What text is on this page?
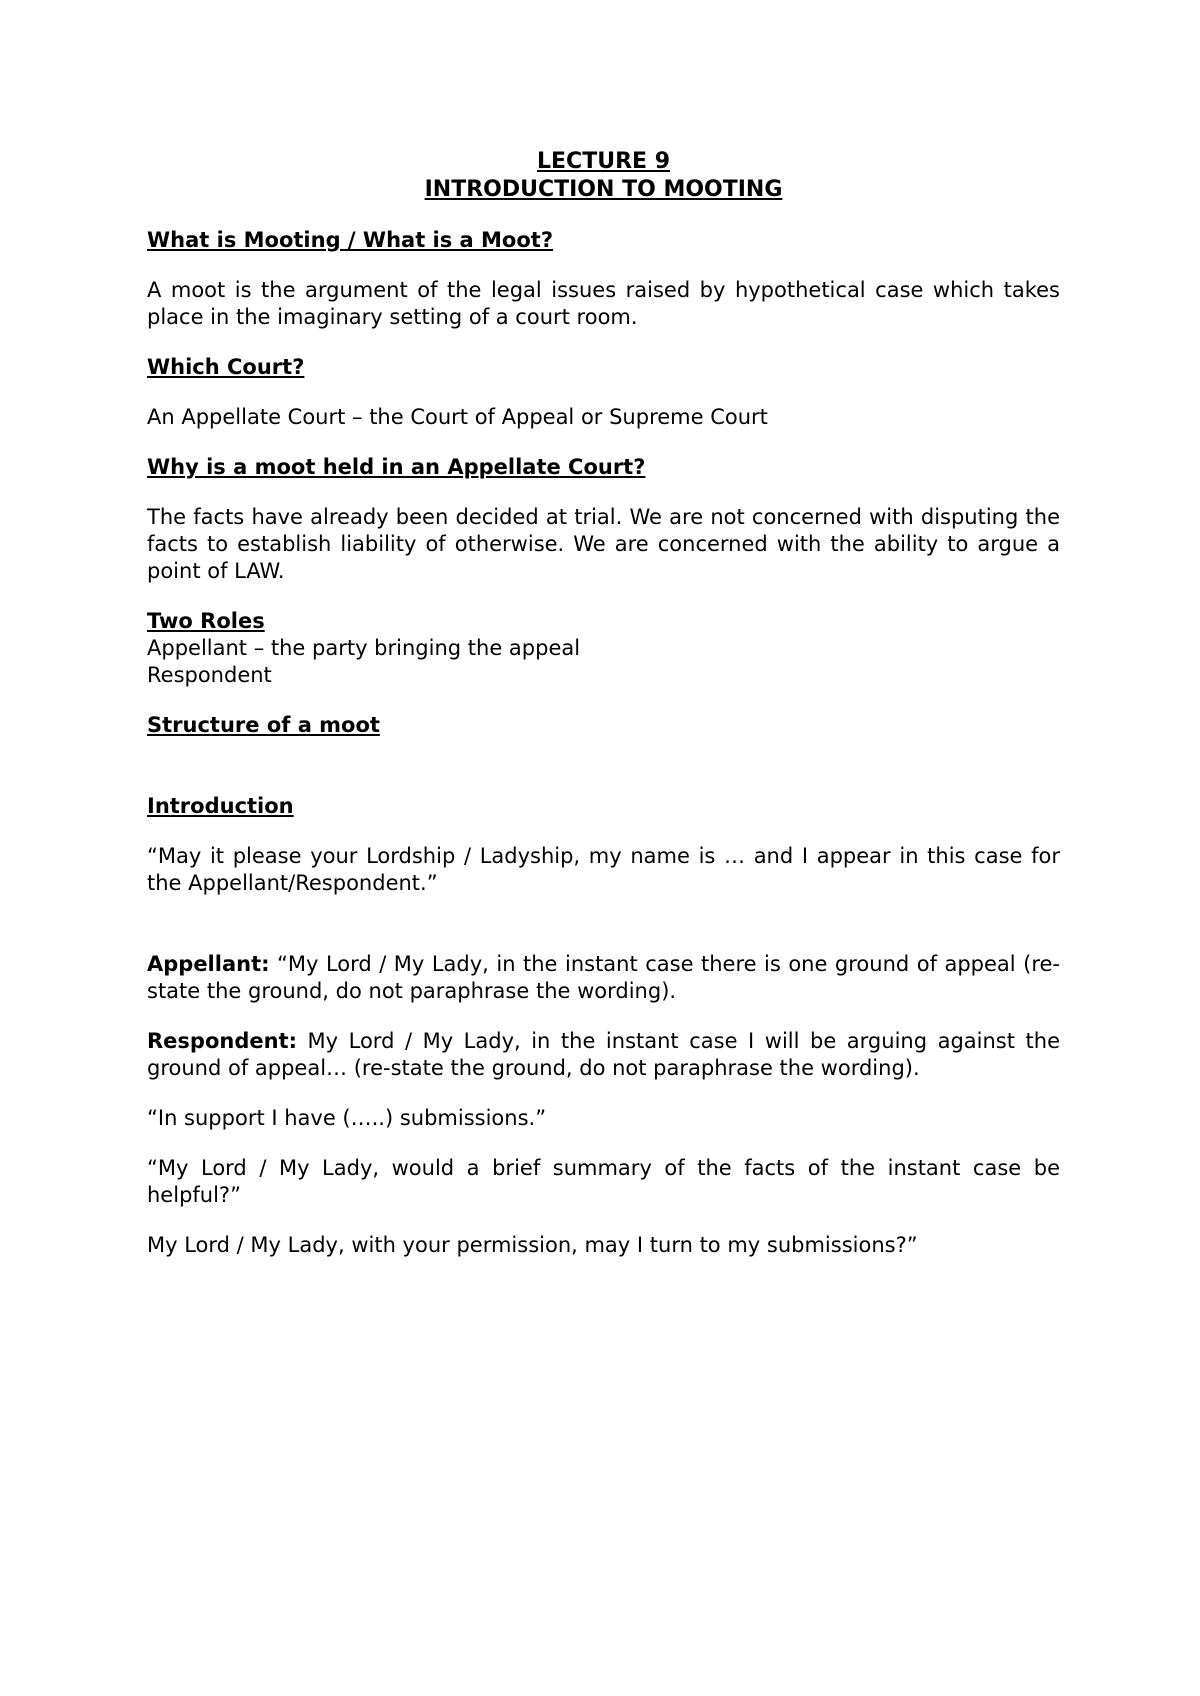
LECTURE 9

INTRODUCTION TO MOOTING

What is Mooting / What is a Moot?

A moot is the argument of the legal issues raised by hypothetical case which takes place in the imaginary setting of a court room.

Which Court?

An Appellate Court – the Court of Appeal or Supreme Court

Why is a moot held in an Appellate Court?

The facts have already been decided at trial. We are not concerned with disputing the facts to establish liability of otherwise. We are concerned with the ability to argue a point of LAW.

Two Roles

Appellant – the party bringing the appeal

Respondent

Structure of a moot

Introduction

“May it please your Lordship / Ladyship, my name is … and I appear in this case for the Appellant/Respondent.”

Appellant: “My Lord / My Lady, in the instant case there is one ground of appeal (re-state the ground, do not paraphrase the wording).

Respondent: My Lord / My Lady, in the instant case I will be arguing against the ground of appeal… (re-state the ground, do not paraphrase the wording).

“In support I have (…..) submissions.”

“My Lord / My Lady, would a brief summary of the facts of the instant case be helpful?”

My Lord / My Lady, with your permission, may I turn to my submissions?”
